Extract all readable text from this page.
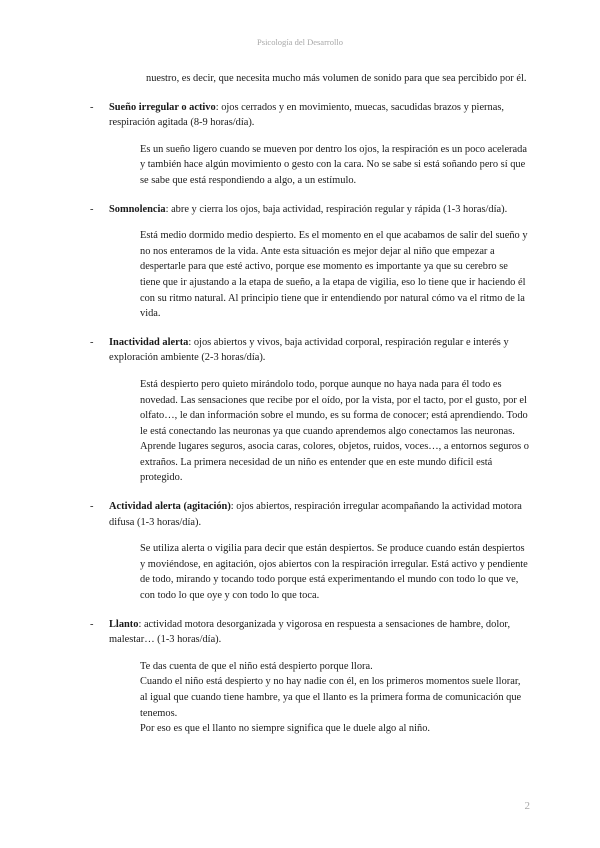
Psicología del Desarrollo

nuestro, es decir, que necesita mucho más volumen de sonido para que sea percibido por él.

- Sueño irregular o activo: ojos cerrados y en movimiento, muecas, sacudidas brazos y piernas, respiración agitada (8-9 horas/día).

Es un sueño ligero cuando se mueven por dentro los ojos, la respiración es un poco acelerada y también hace algún movimiento o gesto con la cara. No se sabe si está soñando pero sí que se sabe que está respondiendo a algo, a un estímulo.

- Somnolencia: abre y cierra los ojos, baja actividad, respiración regular y rápida (1-3 horas/día).

Está medio dormido medio despierto. Es el momento en el que acabamos de salir del sueño y no nos enteramos de la vida. Ante esta situación es mejor dejar al niño que empezar a despertarle para que esté activo, porque ese momento es importante ya que su cerebro se tiene que ir ajustando a la etapa de sueño, a la etapa de vigilia, eso lo tiene que ir haciendo él con su ritmo natural. Al principio tiene que ir entendiendo por natural cómo va el ritmo de la vida.

- Inactividad alerta: ojos abiertos y vivos, baja actividad corporal, respiración regular e interés y exploración ambiente (2-3 horas/día).

Está despierto pero quieto mirándolo todo, porque aunque no haya nada para él todo es novedad. Las sensaciones que recibe por el oído, por la vista, por el tacto, por el gusto, por el olfato…, le dan información sobre el mundo, es su forma de conocer; está aprendiendo. Todo le está conectando las neuronas ya que cuando aprendemos algo conectamos las neuronas. Aprende lugares seguros, asocia caras, colores, objetos, ruidos, voces…, a entornos seguros o extraños. La primera necesidad de un niño es entender que en este mundo difícil está protegido.

- Actividad alerta (agitación): ojos abiertos, respiración irregular acompañando la actividad motora difusa (1-3 horas/día).

Se utiliza alerta o vigilia para decir que están despiertos. Se produce cuando están despiertos y moviéndose, en agitación, ojos abiertos con la respiración irregular. Está activo y pendiente de todo, mirando y tocando todo porque está experimentando el mundo con todo lo que ve, con todo lo que oye y con todo lo que toca.

- Llanto: actividad motora desorganizada y vigorosa en respuesta a sensaciones de hambre, dolor, malestar… (1-3 horas/día).

Te das cuenta de que el niño está despierto porque llora.

Cuando el niño está despierto y no hay nadie con él, en los primeros momentos suele llorar, al igual que cuando tiene hambre, ya que el llanto es la primera forma de comunicación que tenemos.

Por eso es que el llanto no siempre significa que le duele algo al niño.

2
